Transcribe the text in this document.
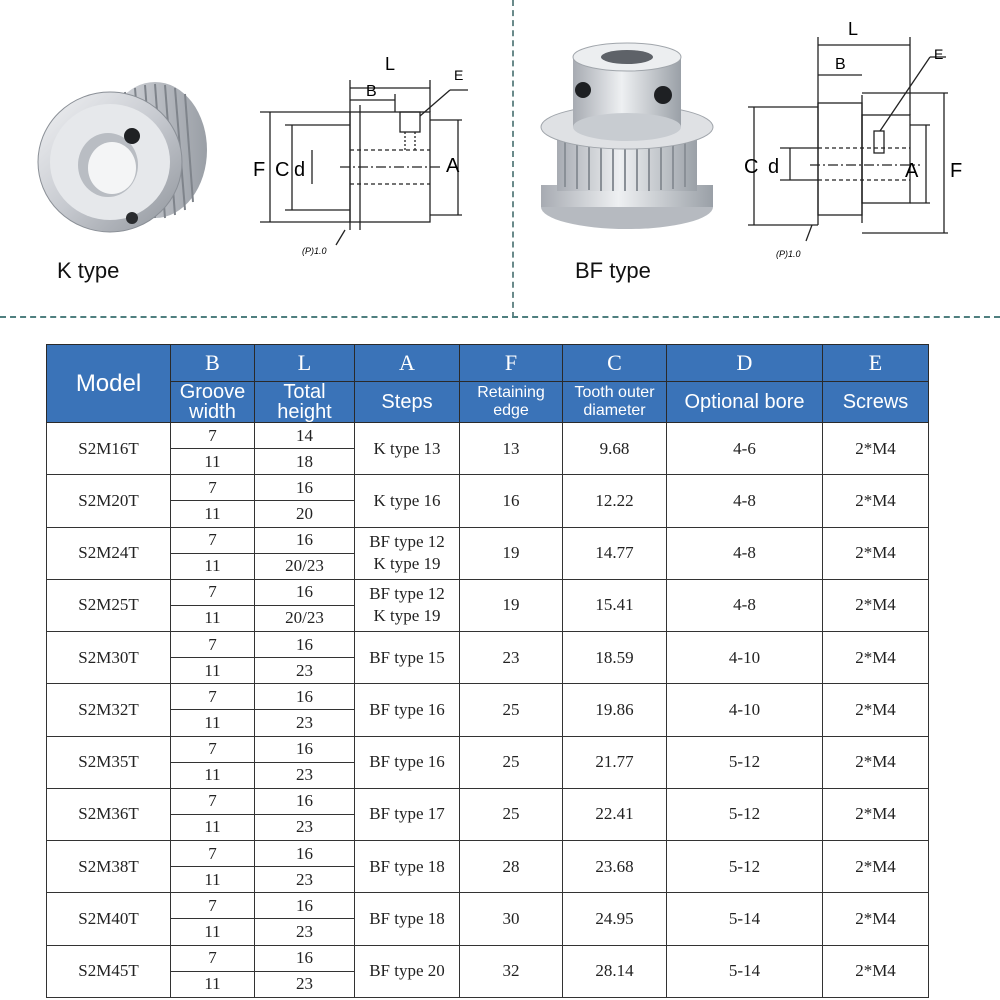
K type
L
B
E
F C d	A
(P)1.0
BF type
L
B
E
C d	A F
(P)1.0
Model	B	L	A	F	C	D	E
	Groove width	Total height	Steps	Retaining edge	Tooth outer diameter	Optional bore	Screws
S2M16T	7	14	K type 13	13	9.68	4-6	2*M4
	11	18					
S2M20T	7	16	K type 16	16	12.22	4-8	2*M4
	11	20					
S2M24T	7	16	BF type 12
K type 19	19	14.77	4-8	2*M4
	11	20/23					
S2M25T	7	16	BF type 12
K type 19	19	15.41	4-8	2*M4
	11	20/23					
S2M30T	7	16	BF type 15	23	18.59	4-10	2*M4
	11	23					
S2M32T	7	16	BF type 16	25	19.86	4-10	2*M4
	11	23					
S2M35T	7	16	BF type 16	25	21.77	5-12	2*M4
	11	23					
S2M36T	7	16	BF type 17	25	22.41	5-12	2*M4
	11	23					
S2M38T	7	16	BF type 18	28	23.68	5-12	2*M4
	11	23					
S2M40T	7	16	BF type 18	30	24.95	5-14	2*M4
	11	23					
S2M45T	7	16	BF type 20	32	28.14	5-14	2*M4
	11	23					
